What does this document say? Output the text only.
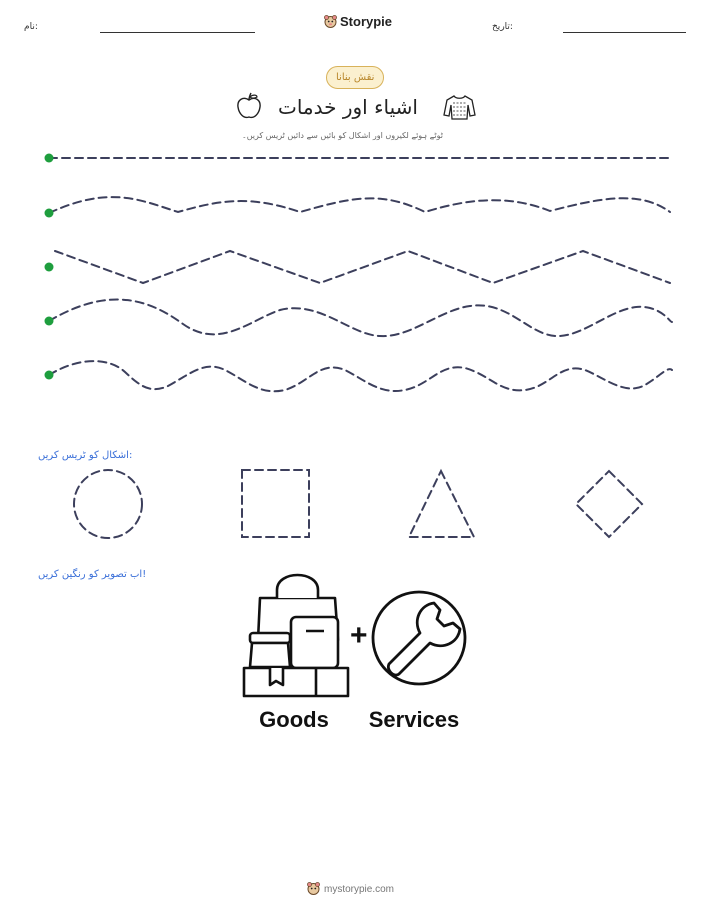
نام:	Storypie	تاریخ:
نقش بنانا
اشیاء اور خدمات
ٹوٹے ہوئے لکیروں اور اشکال کو بائیں سے دائیں ٹریس کریں۔
اشکال کو ٹریس کریں:
اب تصویر کو رنگین کریں!
+
Goods Services
mystorypie.com
